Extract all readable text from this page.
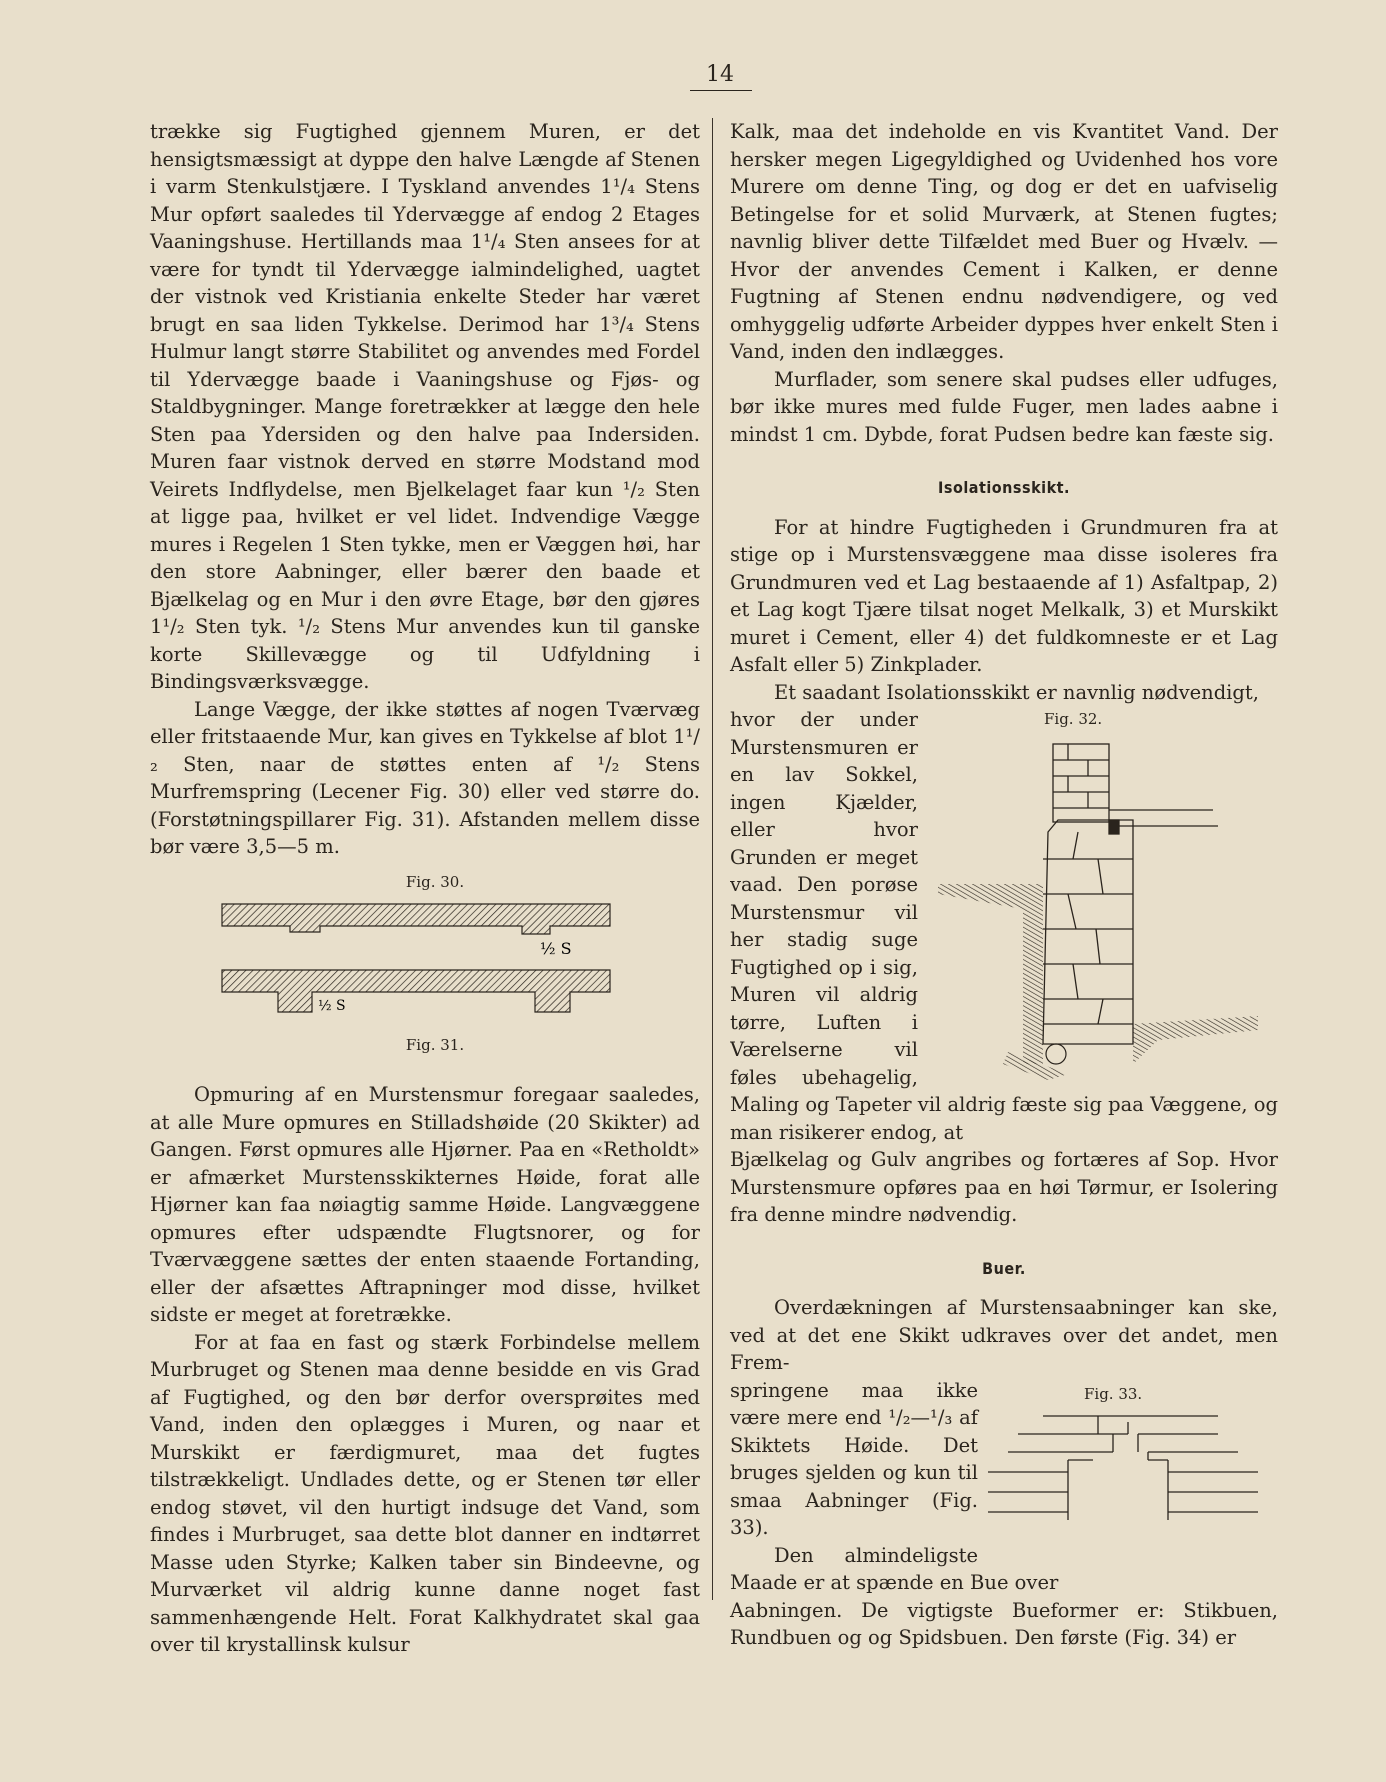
14

trække sig Fugtighed gjennem Muren, er det hensigtsmæssigt at dyppe den halve Længde af Stenen i varm Stenkulstjære. I Tyskland anvendes 1¹/₄ Stens Mur opført saaledes til Ydervægge af endog 2 Etages Vaaningshuse. Hertillands maa 1¹/₄ Sten ansees for at være for tyndt til Ydervægge ialmindelighed, uagtet der vistnok ved Kristiania enkelte Steder har været brugt en saa liden Tykkelse. Derimod har 1³/₄ Stens Hulmur langt større Stabilitet og anvendes med Fordel til Ydervægge baade i Vaaningshuse og Fjøs- og Staldbygninger. Mange foretrækker at lægge den hele Sten paa Ydersiden og den halve paa Indersiden. Muren faar vistnok derved en større Modstand mod Veirets Indflydelse, men Bjelkelaget faar kun ¹/₂ Sten at ligge paa, hvilket er vel lidet. Indvendige Vægge mures i Regelen 1 Sten tykke, men er Væggen høi, har den store Aabninger, eller bærer den baade et Bjælkelag og en Mur i den øvre Etage, bør den gjøres 1¹/₂ Sten tyk. ¹/₂ Stens Mur anvendes kun til ganske korte Skillevægge og til Udfyldning i Bindingsværksvægge.

Lange Vægge, der ikke støttes af nogen Tværvæg eller fritstaaende Mur, kan gives en Tykkelse af blot 1¹/₂ Sten, naar de støttes enten af ¹/₂ Stens Murfremspring (Lecener Fig. 30) eller ved større do. (Forstøtningspillarer Fig. 31). Afstanden mellem disse bør være 3,5—5 m.

Fig. 30.
½ S
½ S
Fig. 31.

Opmuring af en Murstensmur foregaar saaledes, at alle Mure opmures en Stilladshøide (20 Skikter) ad Gangen. Først opmures alle Hjørner. Paa en «Retholdt» er afmærket Murstensskikternes Høide, forat alle Hjørner kan faa nøiagtig samme Høide. Langvæggene opmures efter udspændte Flugtsnorer, og for Tværvæggene sættes der enten staaende Fortanding, eller der afsættes Aftrapninger mod disse, hvilket sidste er meget at foretrække.

For at faa en fast og stærk Forbindelse mellem Murbruget og Stenen maa denne besidde en vis Grad af Fugtighed, og den bør derfor oversprøites med Vand, inden den oplægges i Muren, og naar et Murskikt er færdigmuret, maa det fugtes tilstrækkeligt. Undlades dette, og er Stenen tør eller endog støvet, vil den hurtigt indsuge det Vand, som findes i Murbruget, saa dette blot danner en indtørret Masse uden Styrke; Kalken taber sin Bindeevne, og Murværket vil aldrig kunne danne noget fast sammenhængende Helt. Forat Kalkhydratet skal gaa over til krystallinsk kulsur

Kalk, maa det indeholde en vis Kvantitet Vand. Der hersker megen Ligegyldighed og Uvidenhed hos vore Murere om denne Ting, og dog er det en uafviselig Betingelse for et solid Murværk, at Stenen fugtes; navnlig bliver dette Tilfældet med Buer og Hvælv. — Hvor der anvendes Cement i Kalken, er denne Fugtning af Stenen endnu nødvendigere, og ved omhyggelig udførte Arbeider dyppes hver enkelt Sten i Vand, inden den indlægges.

Murflader, som senere skal pudses eller udfuges, bør ikke mures med fulde Fuger, men lades aabne i mindst 1 cm. Dybde, forat Pudsen bedre kan fæste sig.

Isolationsskikt.

For at hindre Fugtigheden i Grundmuren fra at stige op i Murstensvæggene maa disse isoleres fra Grundmuren ved et Lag bestaaende af 1) Asfaltpap, 2) et Lag kogt Tjære tilsat noget Melkalk, 3) et Murskikt muret i Cement, eller 4) det fuldkomneste er et Lag Asfalt eller 5) Zinkplader.

Et saadant Isolationsskikt er navnlig nødvendigt,

Fig. 32.

hvor der under Murstensmuren er en lav Sokkel, ingen Kjælder, eller hvor Grunden er meget vaad. Den porøse Murstensmur vil her stadig suge Fugtighed op i sig, Muren vil aldrig tørre, Luften i Værelserne vil føles ubehagelig, Maling og Tapeter vil aldrig fæste sig paa Væggene, og man risikerer endog, at

Bjælkelag og Gulv angribes og fortæres af Sop. Hvor Murstensmure opføres paa en høi Tørmur, er Isolering fra denne mindre nødvendig.

Buer.

Overdækningen af Murstensaabninger kan ske, ved at det ene Skikt udkraves over det andet, men Frem-

Fig. 33.

springene maa ikke være mere end ¹/₂—¹/₃ af Skiktets Høide. Det bruges sjelden og kun til smaa Aabninger (Fig. 33).

Den almindeligste Maade er at spænde en Bue over

Aabningen. De vigtigste Bueformer er: Stikbuen, Rundbuen og og Spidsbuen. Den første (Fig. 34) er
